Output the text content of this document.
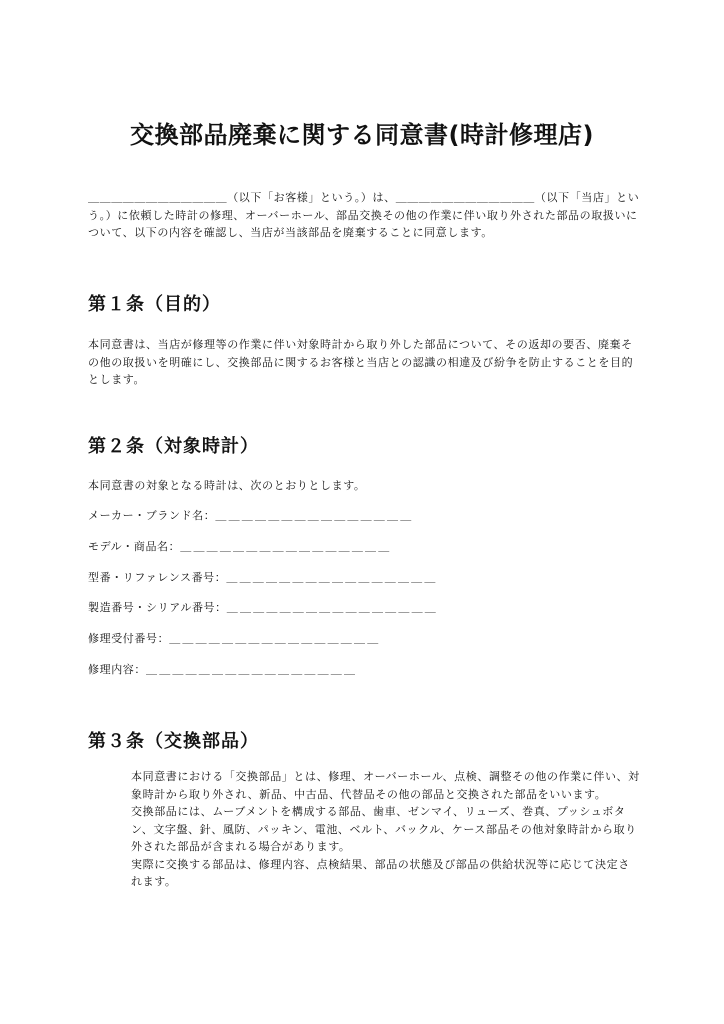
交換部品廃棄に関する同意書(時計修理店)

＿＿＿＿＿＿＿＿＿＿＿＿（以下「お客様」という。）は、＿＿＿＿＿＿＿＿＿＿＿＿（以下「当店」という。）に依頼した時計の修理、オーバーホール、部品交換その他の作業に伴い取り外された部品の取扱いについて、以下の内容を確認し、当店が当該部品を廃棄することに同意します。

第１条（目的）

本同意書は、当店が修理等の作業に伴い対象時計から取り外した部品について、その返却の要否、廃棄その他の取扱いを明確にし、交換部品に関するお客様と当店との認識の相違及び紛争を防止することを目的とします。

第２条（対象時計）

本同意書の対象となる時計は、次のとおりとします。

メーカー・ブランド名：＿＿＿＿＿＿＿＿＿＿＿＿＿＿＿

モデル・商品名：＿＿＿＿＿＿＿＿＿＿＿＿＿＿＿＿

型番・リファレンス番号：＿＿＿＿＿＿＿＿＿＿＿＿＿＿＿＿

製造番号・シリアル番号：＿＿＿＿＿＿＿＿＿＿＿＿＿＿＿＿

修理受付番号：＿＿＿＿＿＿＿＿＿＿＿＿＿＿＿＿

修理内容：＿＿＿＿＿＿＿＿＿＿＿＿＿＿＿＿

第３条（交換部品）
本同意書における「交換部品」とは、修理、オーバーホール、点検、調整その他の作業に伴い、対象時計から取り外され、新品、中古品、代替品その他の部品と交換された部品をいいます。
交換部品には、ムーブメントを構成する部品、歯車、ゼンマイ、リューズ、巻真、プッシュボタン、文字盤、針、風防、パッキン、電池、ベルト、バックル、ケース部品その他対象時計から取り外された部品が含まれる場合があります。
実際に交換する部品は、修理内容、点検結果、部品の状態及び部品の供給状況等に応じて決定されます。
